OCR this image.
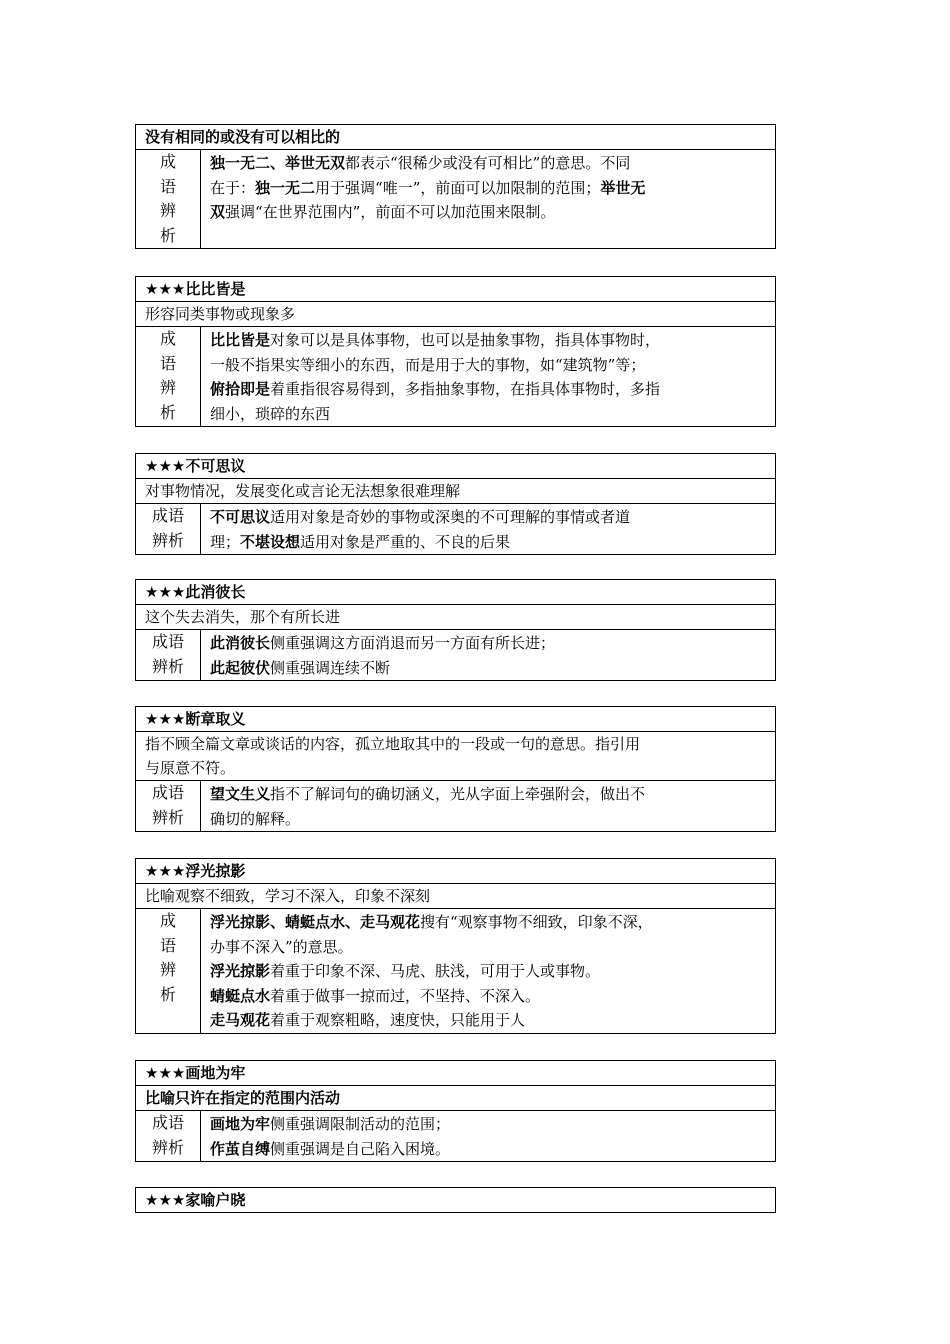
没有相同的或没有可以相比的
成
语
辨
析
独一无二、举世无双都表示“很稀少或没有可相比”的意思。不同
在于：独一无二用于强调“唯一”，前面可以加限制的范围；举世无
双强调“在世界范围内”，前面不可以加范围来限制。
★★★比比皆是
形容同类事物或现象多
成
语
辨
析
比比皆是对象可以是具体事物，也可以是抽象事物，指具体事物时，
一般不指果实等细小的东西，而是用于大的事物，如“建筑物”等；
俯拾即是着重指很容易得到，多指抽象事物，在指具体事物时，多指
细小，琐碎的东西
★★★不可思议
对事物情况，发展变化或言论无法想象很难理解
成语
辨析
不可思议适用对象是奇妙的事物或深奥的不可理解的事情或者道
理；不堪设想适用对象是严重的、不良的后果
★★★此消彼长
这个失去消失，那个有所长进
成语
辨析
此消彼长侧重强调这方面消退而另一方面有所长进；
此起彼伏侧重强调连续不断
★★★断章取义
指不顾全篇文章或谈话的内容，孤立地取其中的一段或一句的意思。指引用
与原意不符。
成语
辨析
望文生义指不了解词句的确切涵义，光从字面上牵强附会，做出不
确切的解释。
★★★浮光掠影
比喻观察不细致，学习不深入，印象不深刻
成
语
辨
析
浮光掠影、蜻蜓点水、走马观花搜有“观察事物不细致，印象不深，
办事不深入”的意思。
浮光掠影着重于印象不深、马虎、肤浅，可用于人或事物。
蜻蜓点水着重于做事一掠而过，不坚持、不深入。
走马观花着重于观察粗略，速度快，只能用于人
★★★画地为牢
比喻只许在指定的范围内活动
成语
辨析
画地为牢侧重强调限制活动的范围；
作茧自缚侧重强调是自己陷入困境。
★★★家喻户晓
